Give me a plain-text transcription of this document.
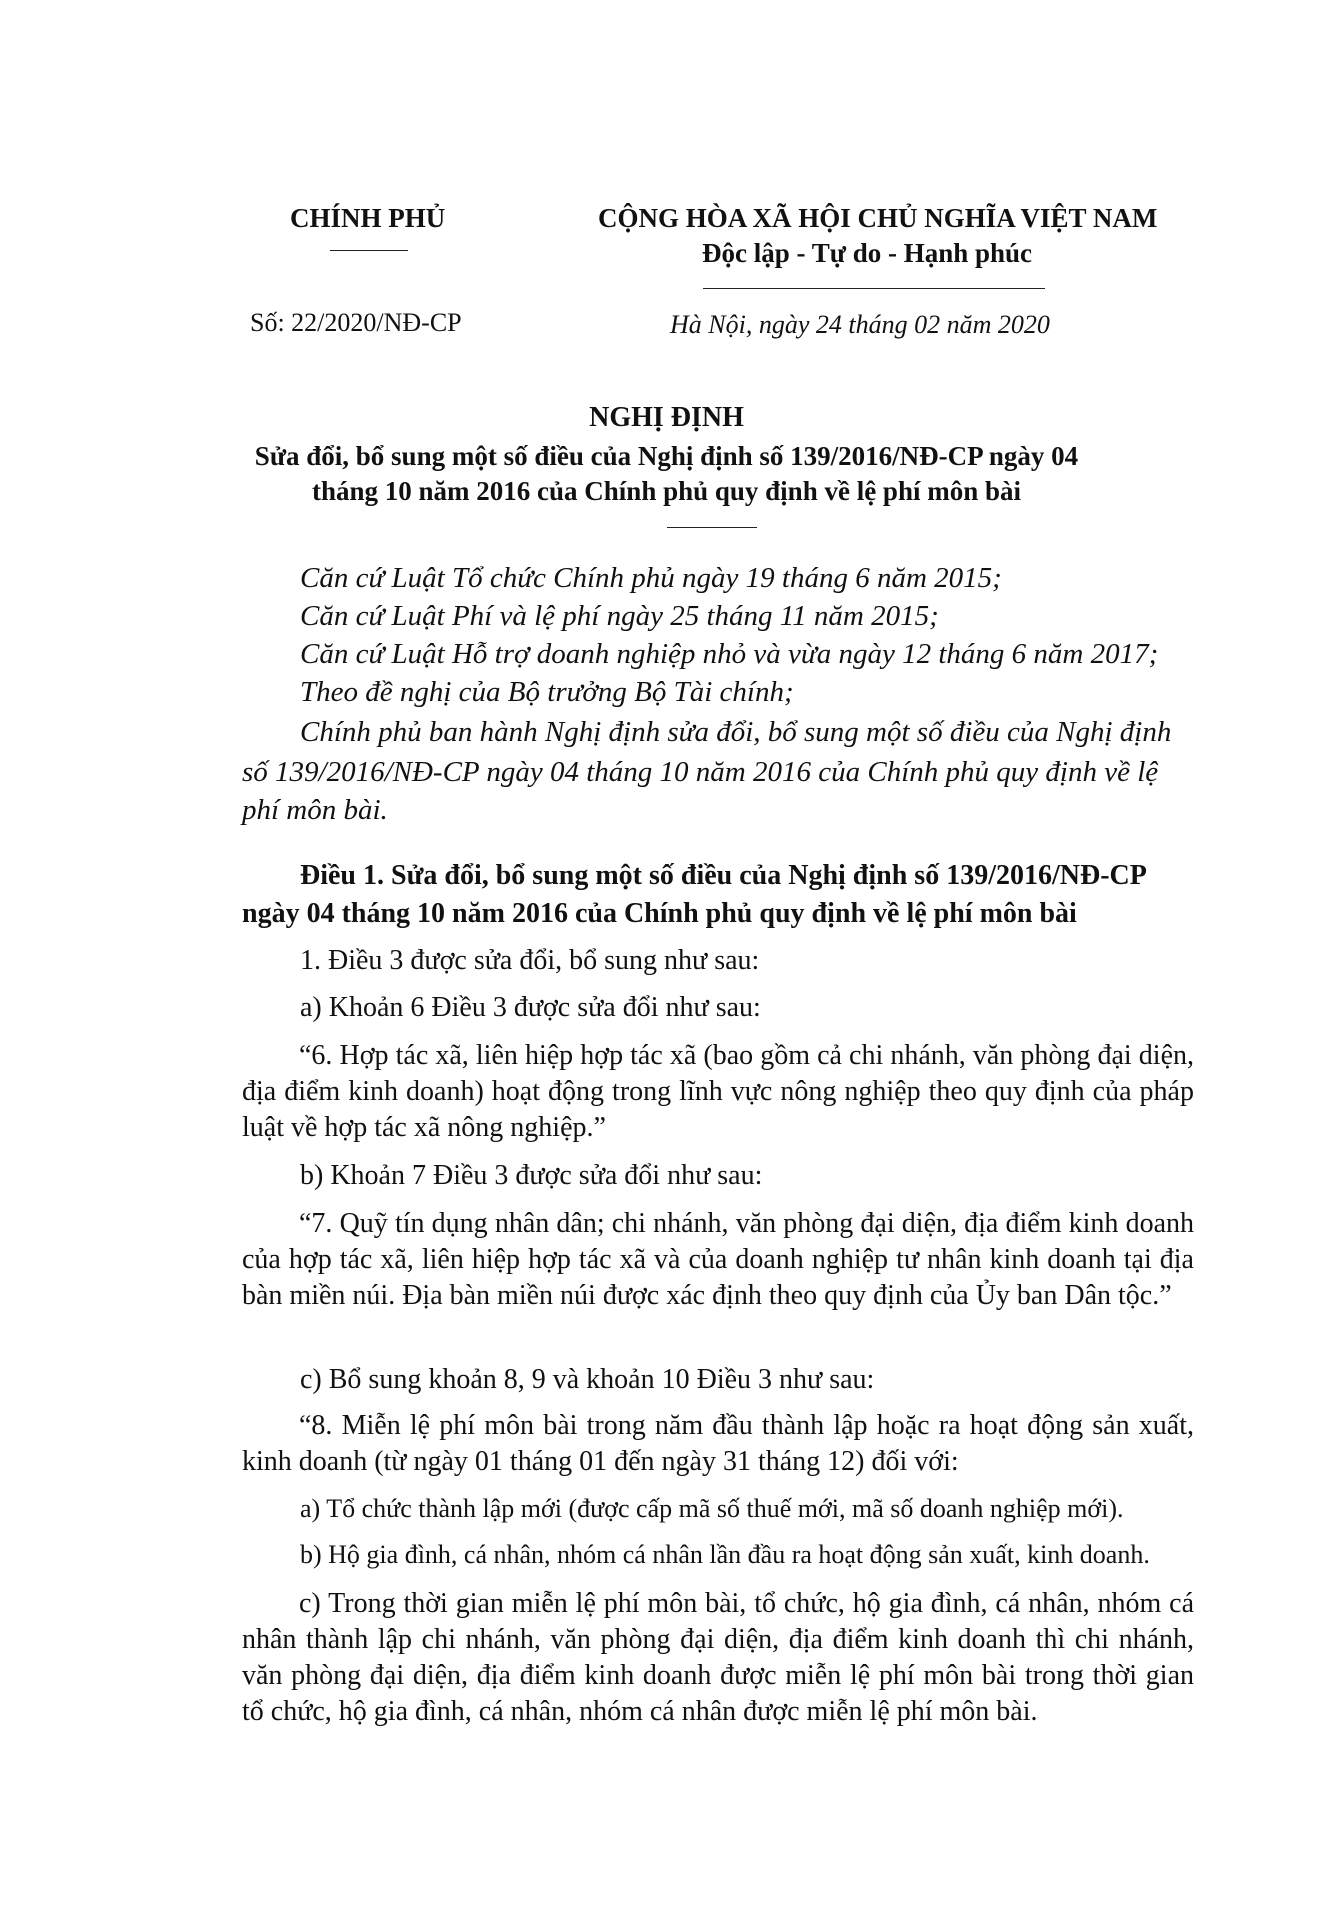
CHÍNH PHỦ	CỘNG HÒA XÃ HỘI CHỦ NGHĨA VIỆT NAM
Độc lập - Tự do - Hạnh phúc
Số: 22/2020/NĐ-CP	Hà Nội, ngày 24 tháng 02 năm 2020
NGHỊ ĐỊNH
Sửa đổi, bổ sung một số điều của Nghị định số 139/2016/NĐ-CP ngày 04
tháng 10 năm 2016 của Chính phủ quy định về lệ phí môn bài
Căn cứ Luật Tổ chức Chính phủ ngày 19 tháng 6 năm 2015;
Căn cứ Luật Phí và lệ phí ngày 25 tháng 11 năm 2015;
Căn cứ Luật Hỗ trợ doanh nghiệp nhỏ và vừa ngày 12 tháng 6 năm 2017;
Theo đề nghị của Bộ trưởng Bộ Tài chính;
Chính phủ ban hành Nghị định sửa đổi, bổ sung một số điều của Nghị định
số 139/2016/NĐ-CP ngày 04 tháng 10 năm 2016 của Chính phủ quy định về lệ
phí môn bài.
Điều 1. Sửa đổi, bổ sung một số điều của Nghị định số 139/2016/NĐ-CP
ngày 04 tháng 10 năm 2016 của Chính phủ quy định về lệ phí môn bài
1. Điều 3 được sửa đổi, bổ sung như sau:
a) Khoản 6 Điều 3 được sửa đổi như sau:
“6. Hợp tác xã, liên hiệp hợp tác xã (bao gồm cả chi nhánh, văn phòng đại diện, địa điểm kinh doanh) hoạt động trong lĩnh vực nông nghiệp theo quy định của pháp luật về hợp tác xã nông nghiệp.”
b) Khoản 7 Điều 3 được sửa đổi như sau:
“7. Quỹ tín dụng nhân dân; chi nhánh, văn phòng đại diện, địa điểm kinh doanh của hợp tác xã, liên hiệp hợp tác xã và của doanh nghiệp tư nhân kinh doanh tại địa bàn miền núi. Địa bàn miền núi được xác định theo quy định của Ủy ban Dân tộc.”
c) Bổ sung khoản 8, 9 và khoản 10 Điều 3 như sau:
“8. Miễn lệ phí môn bài trong năm đầu thành lập hoặc ra hoạt động sản xuất, kinh doanh (từ ngày 01 tháng 01 đến ngày 31 tháng 12) đối với:
a) Tổ chức thành lập mới (được cấp mã số thuế mới, mã số doanh nghiệp mới).
b) Hộ gia đình, cá nhân, nhóm cá nhân lần đầu ra hoạt động sản xuất, kinh doanh.
c) Trong thời gian miễn lệ phí môn bài, tổ chức, hộ gia đình, cá nhân, nhóm cá nhân thành lập chi nhánh, văn phòng đại diện, địa điểm kinh doanh thì chi nhánh, văn phòng đại diện, địa điểm kinh doanh được miễn lệ phí môn bài trong thời gian tổ chức, hộ gia đình, cá nhân, nhóm cá nhân được miễn lệ phí môn bài.
